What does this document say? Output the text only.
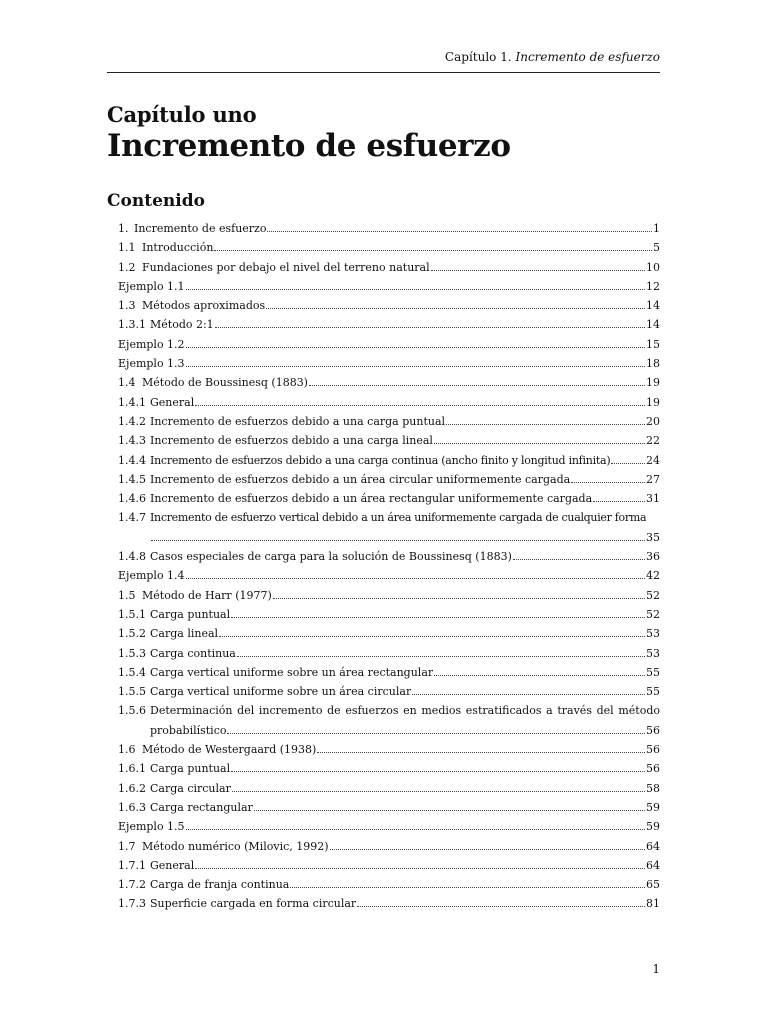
Capítulo 1. Incremento de esfuerzo
Capítulo uno
Incremento de esfuerzo
Contenido
1. Incremento de esfuerzo	1
1.1 Introducción	5
1.2 Fundaciones por debajo el nivel del terreno natural	10
Ejemplo 1.1	12
1.3 Métodos aproximados	14
1.3.1 Método 2:1	14
Ejemplo 1.2	15
Ejemplo 1.3	18
1.4 Método de Boussinesq (1883)	19
1.4.1 General	19
1.4.2 Incremento de esfuerzos debido a una carga puntual	20
1.4.3 Incremento de esfuerzos debido a una carga lineal	22
1.4.4 Incremento de esfuerzos debido a una carga continua (ancho finito y longitud infinita)	24
1.4.5 Incremento de esfuerzos debido a un área circular uniformemente cargada	27
1.4.6 Incremento de esfuerzos debido a un área rectangular uniformemente cargada	31
1.4.7 Incremento de esfuerzo vertical debido a un área uniformemente cargada de cualquier forma
35
1.4.8 Casos especiales de carga para la solución de Boussinesq (1883)	36
Ejemplo 1.4	42
1.5 Método de Harr (1977)	52
1.5.1 Carga puntual	52
1.5.2 Carga lineal	53
1.5.3 Carga continua	53
1.5.4 Carga vertical uniforme sobre un área rectangular	55
1.5.5 Carga vertical uniforme sobre un área circular	55
1.5.6 Determinación del incremento de esfuerzos en medios estratificados a través del método
probabilístico	56
1.6 Método de Westergaard (1938)	56
1.6.1 Carga puntual	56
1.6.2 Carga circular	58
1.6.3 Carga rectangular	59
Ejemplo 1.5	59
1.7 Método numérico (Milovic, 1992)	64
1.7.1 General	64
1.7.2 Carga de franja continua	65
1.7.3 Superficie cargada en forma circular	81
1
